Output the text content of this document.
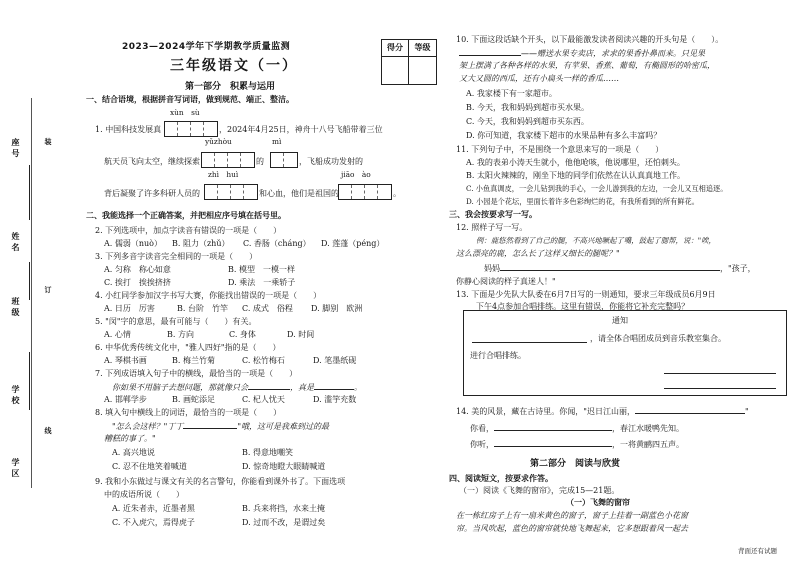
座号
姓名
班级
学校
学区
装
订
线
2023—2024学年下学期教学质量监测
三年级语文（一）
第一部分　积累与运用
得分	等级
一、结合语境，根据拼音写词语，做到规范、端正、整洁。
xùn　sù
1. 中国科技发展真	，2024年4月25日，神舟十八号飞船带着三位
yǔzhòu	mì
航天员飞向太空，继续探索	的	，飞船成功发射的
zhì　huì	jiāo　ào
背后凝聚了许多科研人员的	和心血，他们是祖国的	。
二、我能选择一个正确答案，并把相应序号填在括号里。
2. 下列选项中，加点字读音有错误的一项是（　　）
A. 儒弱（nuò） B. 阻力（zhǔ） C. 香肠（cháng） D. 莲蓬（péng）
3. 下列多音字读音完全相同的一项是（　　）
A. 匀称　称心如意	B. 模型　一模一样
C. 挨打　挨挨挤挤	D. 乘法　一乘轿子
4. 小红同学参加汉字书写大赛，你能找出错误的一项是（　　）
A. 日历　厉害	B. 台阶　竹竿 C. 成式　俗程 D. 脚别　欧洲
5. "闵"字的意思，最有可能与（　　）有关。
A. 心情	B. 方向	C. 身体	D. 时间
6. 中华优秀传统文化中，"雅人四好"指的是（　　）
A. 琴棋书画	B. 梅兰竹菊	C. 松竹梅石	D. 笔墨纸砚
7. 下列成语填入句子中的横线，最恰当的一项是（　　）
你如果不用脑子去想问题，那就像只会	，真是	。
A. 邯郸学步	B. 画蛇添足	C. 杞人忧天	D. 滥竽充数
8. 填入句中横线上的词语，最恰当的一项是（　　）
"怎么会这样？"丁丁	"哦，这可是我难到过的最
糟糕的事了。"
A. 高兴地说	B. 得意地嘲笑
C. 忍不住地笑着喊道	D. 惊奇地瞪大眼睛喊道
9. 我和小东做过与课文有关的名言警句，你能看到课外书了。下面选项
中的成语所说（　　）
A. 近朱者赤，近墨者黑	B. 兵来将挡，水来土掩
C. 不入虎穴，焉得虎子	D. 过而不改，是谓过矣
10. 下面这段话缺个开头，以下最能激发读者阅读兴趣的开头句是（　　）。
——赠送水果专卖店，求求的果香扑鼻而来。只见果
架上摆满了各种各样的水果，有苹果、香蕉、葡萄，有椭圆形的哈密瓜，
又大又圆的西瓜，还有小扁头一样的香瓜……
A. 我家楼下有一家超市。
B. 今天，我和妈妈到超市买水果。
C. 今天，我和妈妈到超市买东西。
D. 你可知道，我家楼下超市的水果品种有多么丰富吗？
11. 下列句子中，不是围绕一个意思来写的一项是（　　）
A. 我的表弟小涛天生就小，他他呛咳，他说哪里，还怕刺头。
B. 太阳火辣辣的，刚坐下地的同学们依然在认认真真地工作。
C. 小鱼真调皮，一会儿钻到我的手心，一会儿游到我的左边，一会儿又互相追逐。
D. 小园是个花坛，里面长着许多色彩绚烂的花，有我所看到的所有鲜花。
三、我会按要求写一写。
12. 照样子写一写。
例：鹿悠然看到了自己的腿，不高兴地噘起了嘴，鼓起了腮帮，说："唉，
这么漂亮的鹿，怎么长了这样又细长的腿呢？"
妈妈	，"孩子，
你静心阅读的样子真迷人！"
13. 下面是少先队大队委在6月7日写的一则通知，要求三年级成员6月9日
下午4点参加合唱排练。这里有错误，你能将它补充完整吗？
通知
，请全体合唱团成员到音乐教室集合。
进行合唱排练。
14. 美的风景，藏在古诗里。你闻，"迟日江山丽，	"
你看，	，春江水暖鸭先知。
你听，	，一将黄鹂四五声。
第二部分　阅读与欣赏
四、阅读短文，按要求作答。
（一）阅读《飞舞的窗帘》，完成15—21题。
（一）飞舞的窗帘
在一栋红房子上有一扇米黄色的窗子，窗子上挂着一副蓝色小花窗
帘。当风吹起，蓝色的窗帘就快地飞舞起来，它多想跟着风一起去
背面还有试题
